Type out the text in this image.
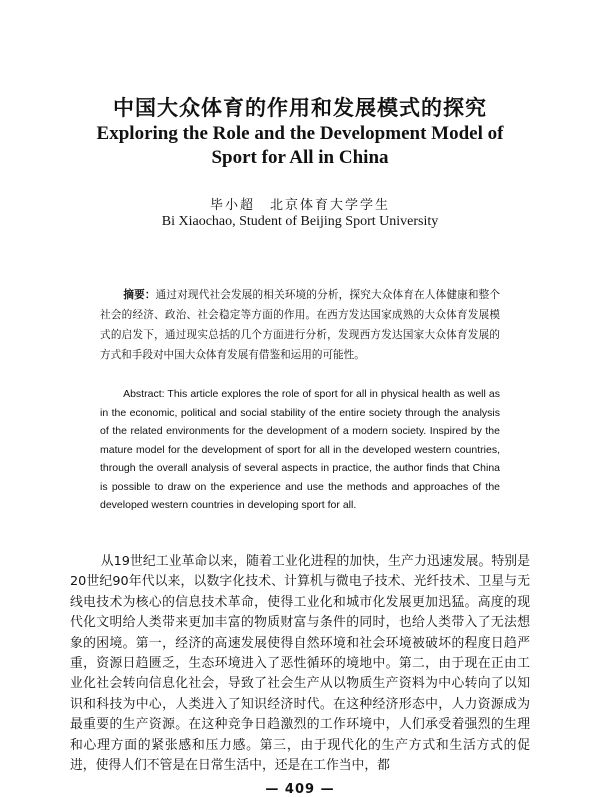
中国大众体育的作用和发展模式的探究
Exploring the Role and the Development Model of Sport for All in China
毕小超　北京体育大学学生
Bi Xiaochao, Student of Beijing Sport University

摘要：通过对现代社会发展的相关环境的分析，探究大众体育在人体健康和整个社会的经济、政治、社会稳定等方面的作用。在西方发达国家成熟的大众体育发展模式的启发下，通过现实总括的几个方面进行分析，发现西方发达国家大众体育发展的方式和手段对中国大众体育发展有借鉴和运用的可能性。

Abstract: This article explores the role of sport for all in physical health as well as in the economic, political and social stability of the entire society through the analysis of the related environments for the development of a modern society. Inspired by the mature model for the development of sport for all in the developed western countries, through the overall analysis of several aspects in practice, the author finds that China is possible to draw on the experience and use the methods and approaches of the developed western countries in developing sport for all.

从19世纪工业革命以来，随着工业化进程的加快，生产力迅速发展。特别是20世纪90年代以来，以数字化技术、计算机与微电子技术、光纤技术、卫星与无线电技术为核心的信息技术革命，使得工业化和城市化发展更加迅猛。高度的现代化文明给人类带来更加丰富的物质财富与条件的同时，也给人类带入了无法想象的困境。第一，经济的高速发展使得自然环境和社会环境被破坏的程度日趋严重，资源日趋匮乏，生态环境进入了恶性循环的境地中。第二，由于现在正由工业化社会转向信息化社会，导致了社会生产从以物质生产资料为中心转向了以知识和科技为中心，人类进入了知识经济时代。在这种经济形态中，人力资源成为最重要的生产资源。在这种竞争日趋激烈的工作环境中，人们承受着强烈的生理和心理方面的紧张感和压力感。第三，由于现代化的生产方式和生活方式的促进，使得人们不管是在日常生活中，还是在工作当中，都

— 409 —
